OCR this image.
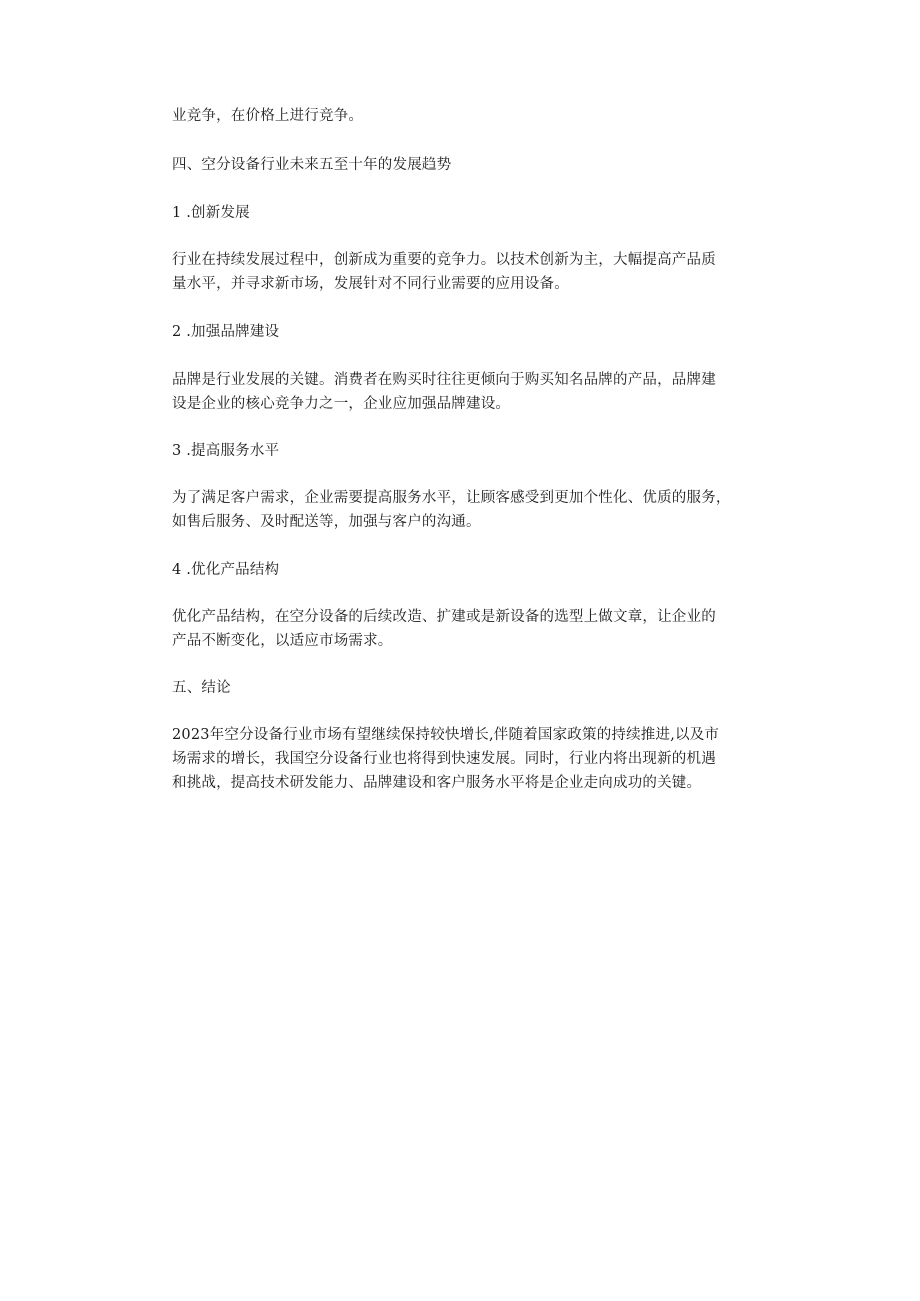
业竞争，在价格上进行竞争。
四、空分设备行业未来五至十年的发展趋势
1 .创新发展
行业在持续发展过程中，创新成为重要的竞争力。以技术创新为主，大幅提高产品质
量水平，并寻求新市场，发展针对不同行业需要的应用设备。
2 .加强品牌建设
品牌是行业发展的关键。消费者在购买时往往更倾向于购买知名品牌的产品，品牌建
设是企业的核心竞争力之一，企业应加强品牌建设。
3 .提高服务水平
为了满足客户需求，企业需要提高服务水平，让顾客感受到更加个性化、优质的服务，
如售后服务、及时配送等，加强与客户的沟通。
4 .优化产品结构
优化产品结构，在空分设备的后续改造、扩建或是新设备的选型上做文章，让企业的
产品不断变化，以适应市场需求。
五、结论
2023年空分设备行业市场有望继续保持较快增长,伴随着国家政策的持续推进,以及市
场需求的增长，我国空分设备行业也将得到快速发展。同时，行业内将出现新的机遇
和挑战，提高技术研发能力、品牌建设和客户服务水平将是企业走向成功的关键。
